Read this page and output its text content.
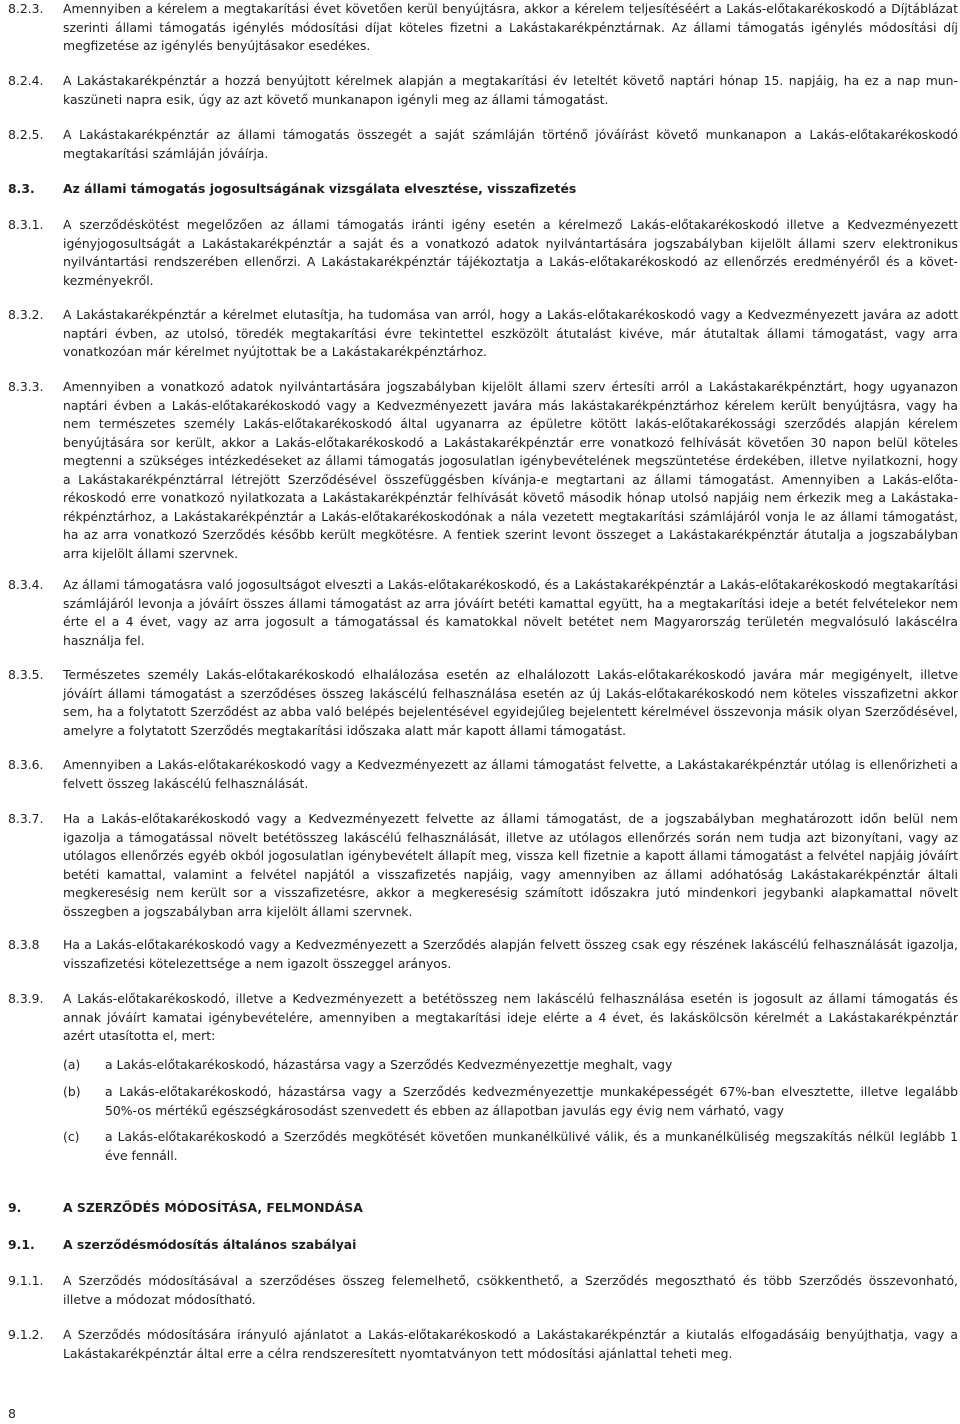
8.2.3.	Amennyiben a kérelem a megtakarítási évet követően kerül benyújtásra, akkor a kérelem teljesítéséért a Lakás-előtakarékoskodó a Díjtáblázat szerinti állami támogatás igénylés módosítási díjat köteles fizetni a Lakástakarékpénztárnak. Az állami támogatás igénylés módosítási díj megfizetése az igénylés benyújtásakor esedékes.
8.2.4.	A Lakástakarékpénztár a hozzá benyújtott kérelmek alapján a megtakarítási év leteltét követő naptári hónap 15. napjáig, ha ez a nap munkaszüneti napra esik, úgy az azt követő munkanapon igényli meg az állami támogatást.
8.2.5.	A Lakástakarékpénztár az állami támogatás összegét a saját számláján történő jóváírást követő munkanapon a Lakás-előtakarékoskodó megtakarítási számláján jóváírja.
8.3.	Az állami támogatás jogosultságának vizsgálata elvesztése, visszafizetés
8.3.1.	A szerződéskötést megelőzően az állami támogatás iránti igény esetén a kérelmező Lakás-előtakarékoskodó illetve a Kedvezményezett igényjogosultságát a Lakástakarékpénztár a saját és a vonatkozó adatok nyilvántartására jogszabályban kijelölt állami szerv elektronikus nyilvántartási rendszerében ellenőrzi. A Lakástakarékpénztár tájékoztatja a Lakás-előtakarékoskodó az ellenőrzés eredményéről és a következményekről.
8.3.2.	A Lakástakarékpénztár a kérelmet elutasítja, ha tudomása van arról, hogy a Lakás-előtakarékoskodó vagy a Kedvezményezett javára az adott naptári évben, az utolsó, töredék megtakarítási évre tekintettel eszközölt átutalást kivéve, már átutaltak állami támogatást, vagy arra vonatkozóan már kérelmet nyújtottak be a Lakástakarékpénztárhoz.
8.3.3.	Amennyiben a vonatkozó adatok nyilvántartására jogszabályban kijelölt állami szerv értesíti arról a Lakástakarékpénztárt, hogy ugyanazon naptári évben a Lakás-előtakarékoskodó vagy a Kedvezményezett javára más lakástakarékpénztárhoz kérelem került benyújtásra, vagy ha nem természetes személy Lakás-előtakarékoskodó által ugyanarra az épületre kötött lakás-előtakarékossági szerződés alapján kérelem benyújtására sor került, akkor a Lakás-előtakarékoskodó a Lakástakarékpénztár erre vonatkozó felhívását követően 30 napon belül köteles megtenni a szükséges intézkedéseket az állami támogatás jogosulatlan igénybevételének megszüntetése érdekében, illetve nyilatkozni, hogy a Lakástakarékpénztárral létrejött Szerződésével összefüggésben kívánja-e megtartani az állami támogatást. Amennyiben a Lakás-előtarékoskodó erre vonatkozó nyilatkozata a Lakástakarékpénztár felhívását követő második hónap utolsó napjáig nem érkezik meg a Lakástakarékpénztárhoz, a Lakástakarékpénztár a Lakás-előtakarékoskodónak a nála vezetett megtakarítási számlájáról vonja le az állami támogatást, ha az arra vonatkozó Szerződés később került megkötésre. A fentiek szerint levont összeget a Lakástakarékpénztár átutalja a jogszabályban arra kijelölt állami szervnek.
8.3.4.	Az állami támogatásra való jogosultságot elveszti a Lakás-előtakarékoskodó, és a Lakástakarékpénztár a Lakás-előtakarékoskodó megtakarítási számlájáról levonja a jóváírt összes állami támogatást az arra jóváírt betéti kamattal együtt, ha a megtakarítási ideje a betét felvételekor nem érte el a 4 évet, vagy az arra jogosult a támogatással és kamatokkal növelt betétet nem Magyarország területén megvalósuló lakáscélra használja fel.
8.3.5.	Természetes személy Lakás-előtakarékoskodó elhalálozása esetén az elhalálozott Lakás-előtakarékoskodó javára már megigényelt, illetve jóváírt állami támogatást a szerződéses összeg lakáscélú felhasználása esetén az új Lakás-előtakarékoskodó nem köteles visszafizetni akkor sem, ha a folytatott Szerződést az abba való belépés bejelentésével egyidejűleg bejelentett kérelmével összevonja másik olyan Szerződésével, amelyre a folytatott Szerződés megtakarítási időszaka alatt már kapott állami támogatást.
8.3.6.	Amennyiben a Lakás-előtakarékoskodó vagy a Kedvezményezett az állami támogatást felvette, a Lakástakarékpénztár utólag is ellenőrizheti a felvett összeg lakáscélú felhasználását.
8.3.7.	Ha a Lakás-előtakarékoskodó vagy a Kedvezményezett felvette az állami támogatást, de a jogszabályban meghatározott időn belül nem igazolja a támogatással növelt betétösszeg lakáscélú felhasználását, illetve az utólagos ellenőrzés során nem tudja azt bizonyítani, vagy az utólagos ellenőrzés egyéb okból jogosulatlan igénybevételt állapít meg, vissza kell fizetnie a kapott állami támogatást a felvétel napjáig jóváírt betéti kamattal, valamint a felvétel napjától a visszafizetés napjáig, vagy amennyiben az állami adóhatóság Lakástakarékpénztár általi megkeresésig nem került sor a visszafizetésre, akkor a megkeresésig számított időszakra jutó mindenkori jegybanki alapkamattal növelt összegben a jogszabályban arra kijelölt állami szervnek.
8.3.8	Ha a Lakás-előtakarékoskodó vagy a Kedvezményezett a Szerződés alapján felvett összeg csak egy részének lakáscélú felhasználását igazolja, visszafizetési kötelezettsége a nem igazolt összeggel arányos.
8.3.9.	A Lakás-előtakarékoskodó, illetve a Kedvezményezett a betétösszeg nem lakáscélú felhasználása esetén is jogosult az állami támogatás és annak jóváírt kamatai igénybevételére, amennyiben a megtakarítási ideje elérte a 4 évet, és lakáskölcsön kérelmét a Lakástakarékpénztár azért utasította el, mert:
(a)	a Lakás-előtakarékoskodó, házastársa vagy a Szerződés Kedvezményezettje meghalt, vagy
(b)	a Lakás-előtakarékoskodó, házastársa vagy a Szerződés kedvezményezettje munkaképességét 67%-ban elvesztette, illetve legalább 50%-os mértékű egészségkárosodást szenvedett és ebben az állapotban javulás egy évig nem várható, vagy
(c)	a Lakás-előtakarékoskodó a Szerződés megkötését követően munkanélkülivé válik, és a munkanélküliség megszakítás nélkül leglább 1 éve fennáll.
9.	A SZERZŐDÉS MÓDOSÍTÁSA, FELMONDÁSA
9.1.	A szerződésmódosítás általános szabályai
9.1.1.	A Szerződés módosításával a szerződéses összeg felemelhető, csökkenthető, a Szerződés megosztható és több Szerződés összevonható, illetve a módozat módosítható.
9.1.2.	A Szerződés módosítására irányuló ajánlatot a Lakás-előtakarékoskodó a Lakástakarékpénztár a kiutalás elfogadásáig benyújthatja, vagy a Lakástakarékpénztár által erre a célra rendszeresített nyomtatványon tett módosítási ajánlattal teheti meg.
8
